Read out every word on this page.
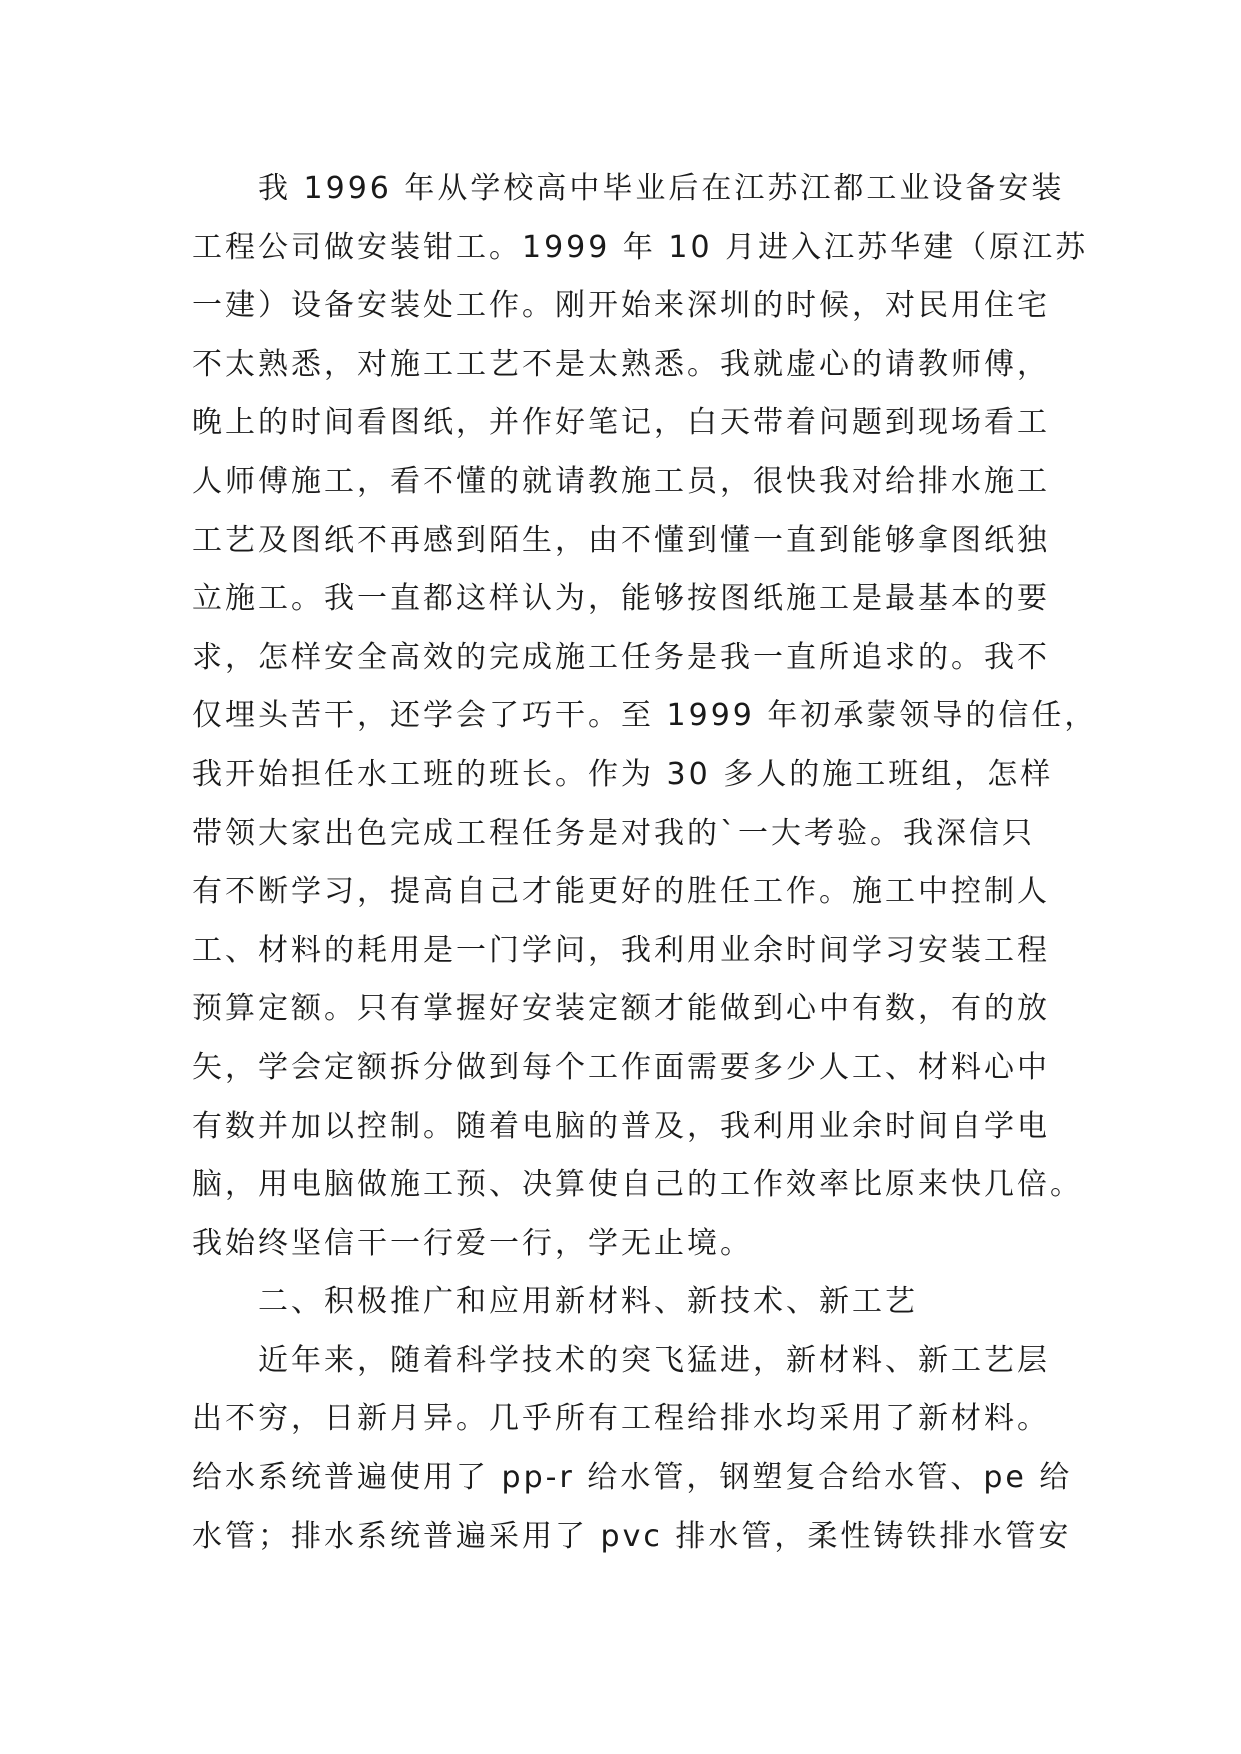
我 1996 年从学校高中毕业后在江苏江都工业设备安装
工程公司做安装钳工。1999 年 10 月进入江苏华建（原江苏
一建）设备安装处工作。刚开始来深圳的时候，对民用住宅
不太熟悉，对施工工艺不是太熟悉。我就虚心的请教师傅，
晚上的时间看图纸，并作好笔记，白天带着问题到现场看工
人师傅施工，看不懂的就请教施工员，很快我对给排水施工
工艺及图纸不再感到陌生，由不懂到懂一直到能够拿图纸独
立施工。我一直都这样认为，能够按图纸施工是最基本的要
求，怎样安全高效的完成施工任务是我一直所追求的。我不
仅埋头苦干，还学会了巧干。至 1999 年初承蒙领导的信任，
我开始担任水工班的班长。作为 30 多人的施工班组，怎样
带领大家出色完成工程任务是对我的`一大考验。我深信只
有不断学习，提高自己才能更好的胜任工作。施工中控制人
工、材料的耗用是一门学问，我利用业余时间学习安装工程
预算定额。只有掌握好安装定额才能做到心中有数，有的放
矢，学会定额拆分做到每个工作面需要多少人工、材料心中
有数并加以控制。随着电脑的普及，我利用业余时间自学电
脑，用电脑做施工预、决算使自己的工作效率比原来快几倍。
我始终坚信干一行爱一行，学无止境。
二、积极推广和应用新材料、新技术、新工艺
近年来，随着科学技术的突飞猛进，新材料、新工艺层
出不穷，日新月异。几乎所有工程给排水均采用了新材料。
给水系统普遍使用了 pp-r 给水管，钢塑复合给水管、pe 给
水管；排水系统普遍采用了 pvc 排水管，柔性铸铁排水管安
